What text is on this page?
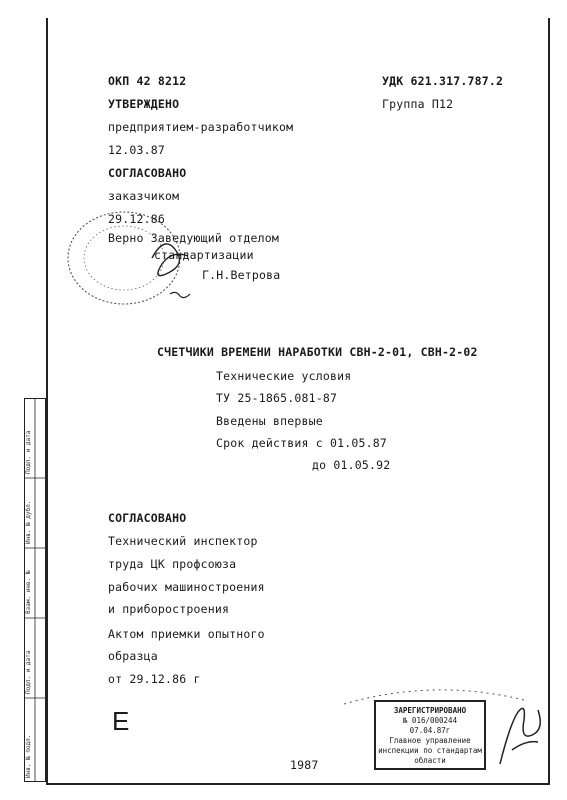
Подп. и дата
Инв. № дубл.
Взам. инв. №
Подп. и дата
Инв. № подл.
ОКП 42 8212	УДК 621.317.787.2
УТВЕРЖДЕНО	Группа П12
предприятием-разработчиком
12.03.87
СОГЛАСОВАНО
заказчиком
29.12.86
Верно Заведующий отделом
стандартизации
Г.Н.Ветрова
СЧЕТЧИКИ ВРЕМЕНИ НАРАБОТКИ СВН-2-01, СВН-2-02
Технические условия
ТУ 25-1865.081-87
Введены впервые
Срок действия с 01.05.87
до 01.05.92
СОГЛАСОВАНО
Технический инспектор
труда ЦК профсоюза
рабочих машиностроения
и приборостроения
Актом приемки опытного
образца
от 29.12.86 г
Е
1987
ЗАРЕГИСТРИРОВАНО
№ 016/000244
07.04.87г
Главное управление
инспекции по стандартам
области
